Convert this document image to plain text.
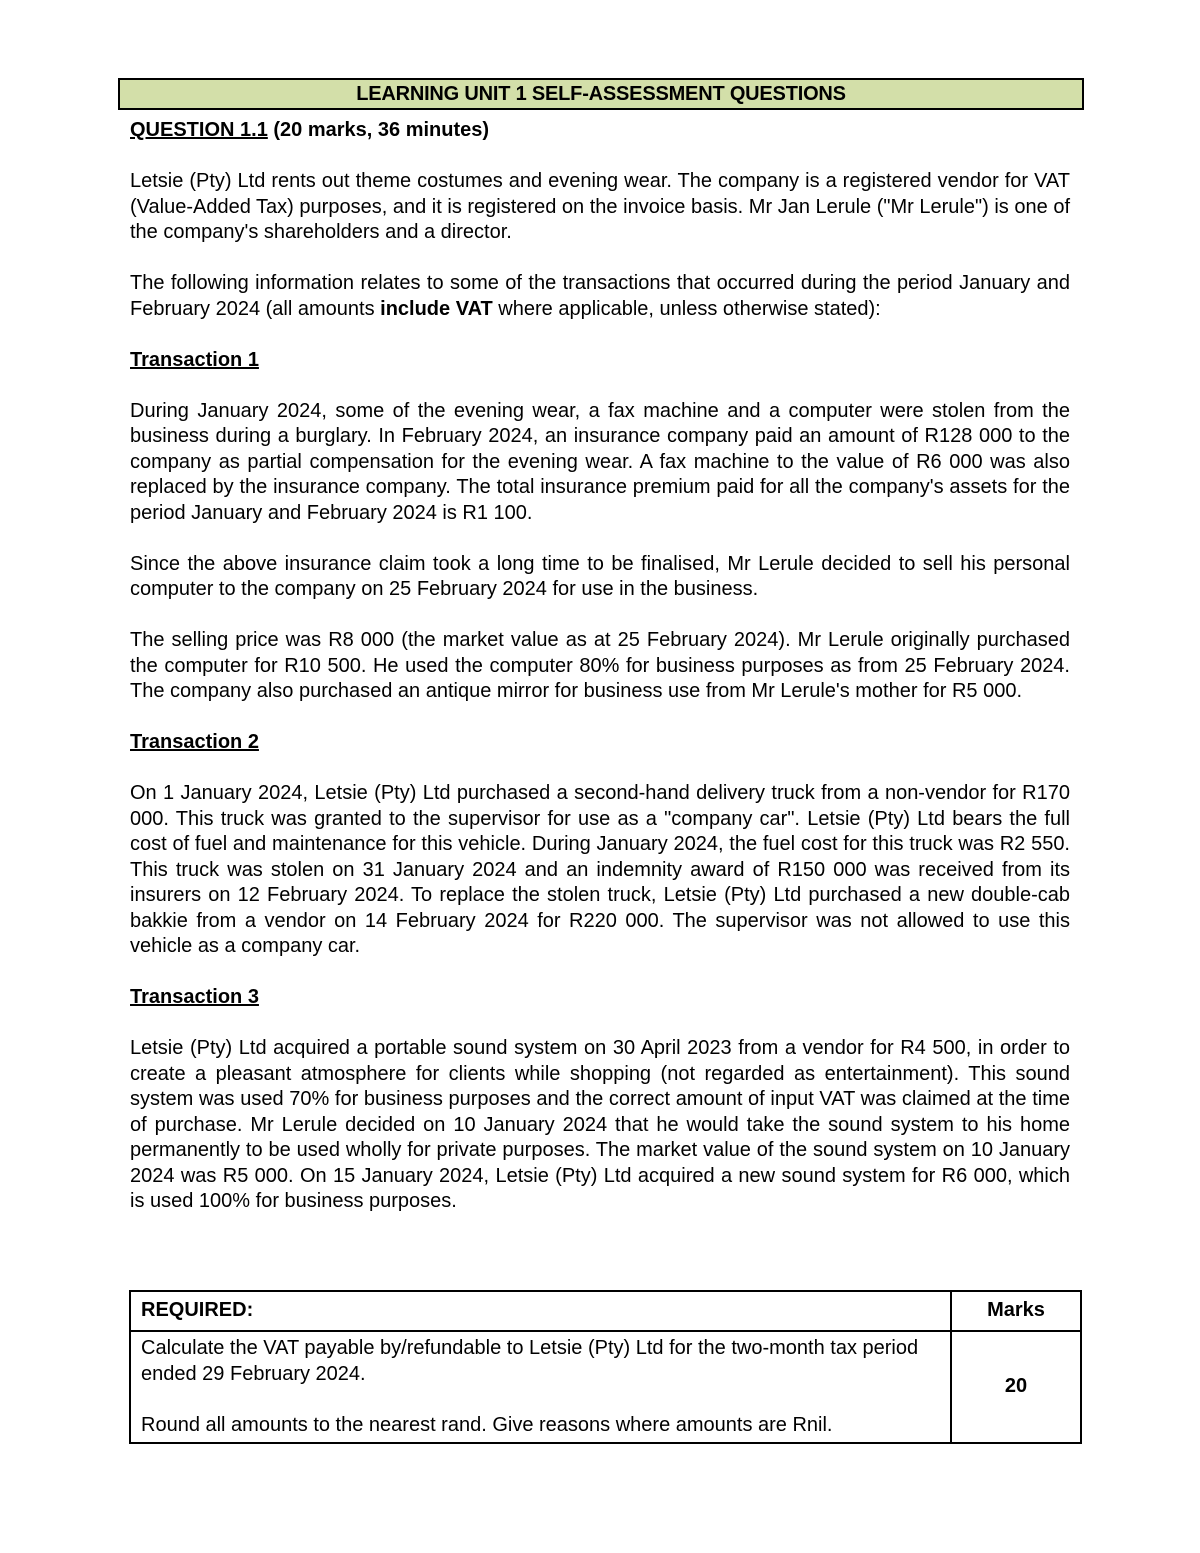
LEARNING UNIT 1 SELF-ASSESSMENT QUESTIONS
QUESTION 1.1 (20 marks, 36 minutes)

Letsie (Pty) Ltd rents out theme costumes and evening wear. The company is a registered vendor for VAT (Value-Added Tax) purposes, and it is registered on the invoice basis. Mr Jan Lerule ("Mr Lerule") is one of the company's shareholders and a director.

The following information relates to some of the transactions that occurred during the period January and February 2024 (all amounts include VAT where applicable, unless otherwise stated):

Transaction 1

During January 2024, some of the evening wear, a fax machine and a computer were stolen from the business during a burglary. In February 2024, an insurance company paid an amount of R128 000 to the company as partial compensation for the evening wear. A fax machine to the value of R6 000 was also replaced by the insurance company. The total insurance premium paid for all the company's assets for the period January and February 2024 is R1 100.

Since the above insurance claim took a long time to be finalised, Mr Lerule decided to sell his personal computer to the company on 25 February 2024 for use in the business.

The selling price was R8 000 (the market value as at 25 February 2024). Mr Lerule originally purchased the computer for R10 500. He used the computer 80% for business purposes as from 25 February 2024. The company also purchased an antique mirror for business use from Mr Lerule's mother for R5 000.

Transaction 2

On 1 January 2024, Letsie (Pty) Ltd purchased a second-hand delivery truck from a non-vendor for R170 000. This truck was granted to the supervisor for use as a "company car". Letsie (Pty) Ltd bears the full cost of fuel and maintenance for this vehicle. During January 2024, the fuel cost for this truck was R2 550. This truck was stolen on 31 January 2024 and an indemnity award of R150 000 was received from its insurers on 12 February 2024. To replace the stolen truck, Letsie (Pty) Ltd purchased a new double-cab bakkie from a vendor on 14 February 2024 for R220 000. The supervisor was not allowed to use this vehicle as a company car.

Transaction 3

Letsie (Pty) Ltd acquired a portable sound system on 30 April 2023 from a vendor for R4 500, in order to create a pleasant atmosphere for clients while shopping (not regarded as entertainment). This sound system was used 70% for business purposes and the correct amount of input VAT was claimed at the time of purchase. Mr Lerule decided on 10 January 2024 that he would take the sound system to his home permanently to be used wholly for private purposes. The market value of the sound system on 10 January 2024 was R5 000. On 15 January 2024, Letsie (Pty) Ltd acquired a new sound system for R6 000, which is used 100% for business purposes.

REQUIRED:	Marks

Calculate the VAT payable by/refundable to Letsie (Pty) Ltd for the two-month tax period ended 29 February 2024.
Round all amounts to the nearest rand. Give reasons where amounts are Rnil.	20
